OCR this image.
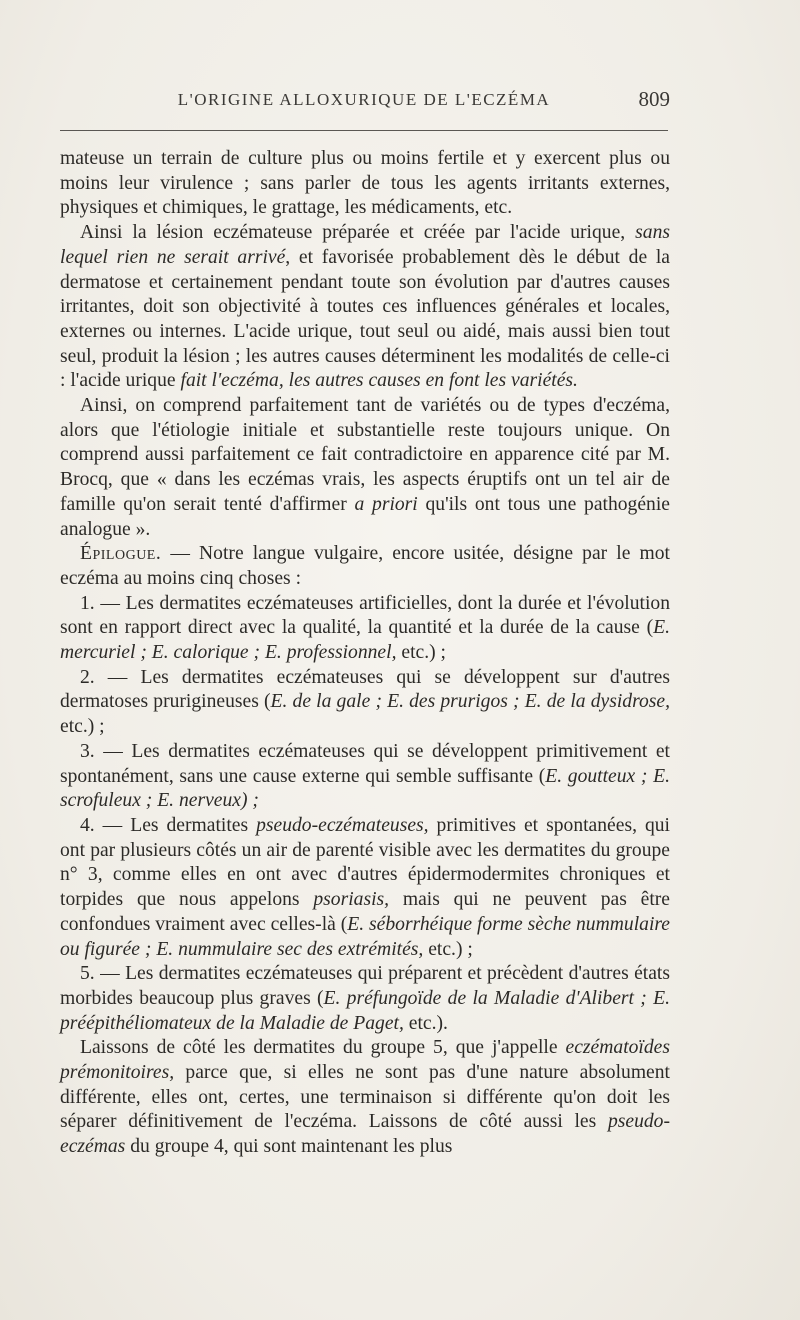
L'ORIGINE ALLOXURIQUE DE L'ECZÉMA	809

mateuse un terrain de culture plus ou moins fertile et y exercent plus ou moins leur virulence ; sans parler de tous les agents irritants externes, physiques et chimiques, le grattage, les médicaments, etc.

Ainsi la lésion eczémateuse préparée et créée par l'acide urique, sans lequel rien ne serait arrivé, et favorisée probablement dès le début de la dermatose et certainement pendant toute son évolution par d'autres causes irritantes, doit son objectivité à toutes ces influences générales et locales, externes ou internes. L'acide urique, tout seul ou aidé, mais aussi bien tout seul, produit la lésion ; les autres causes déterminent les modalités de celle-ci : l'acide urique fait l'eczéma, les autres causes en font les variétés.

Ainsi, on comprend parfaitement tant de variétés ou de types d'eczéma, alors que l'étiologie initiale et substantielle reste toujours unique. On comprend aussi parfaitement ce fait contradictoire en apparence cité par M. Brocq, que « dans les eczémas vrais, les aspects éruptifs ont un tel air de famille qu'on serait tenté d'affirmer a priori qu'ils ont tous une pathogénie analogue ».

Épilogue. — Notre langue vulgaire, encore usitée, désigne par le mot eczéma au moins cinq choses :

1. — Les dermatites eczémateuses artificielles, dont la durée et l'évolution sont en rapport direct avec la qualité, la quantité et la durée de la cause (E. mercuriel ; E. calorique ; E. professionnel, etc.) ;

2. — Les dermatites eczémateuses qui se développent sur d'autres dermatoses prurigineuses (E. de la gale ; E. des prurigos ; E. de la dysidrose, etc.) ;

3. — Les dermatites eczémateuses qui se développent primitivement et spontanément, sans une cause externe qui semble suffisante (E. goutteux ; E. scrofuleux ; E. nerveux) ;

4. — Les dermatites pseudo-eczémateuses, primitives et spontanées, qui ont par plusieurs côtés un air de parenté visible avec les dermatites du groupe n° 3, comme elles en ont avec d'autres épidermodermites chroniques et torpides que nous appelons psoriasis, mais qui ne peuvent pas être confondues vraiment avec celles-là (E. séborrhéique forme sèche nummulaire ou figurée ; E. nummulaire sec des extrémités, etc.) ;

5. — Les dermatites eczémateuses qui préparent et précèdent d'autres états morbides beaucoup plus graves (E. préfungoïde de la Maladie d'Alibert ; E. préépithéliomateux de la Maladie de Paget, etc.).

Laissons de côté les dermatites du groupe 5, que j'appelle eczématoïdes prémonitoires, parce que, si elles ne sont pas d'une nature absolument différente, elles ont, certes, une terminaison si différente qu'on doit les séparer définitivement de l'eczéma. Laissons de côté aussi les pseudo-eczémas du groupe 4, qui sont maintenant les plus
